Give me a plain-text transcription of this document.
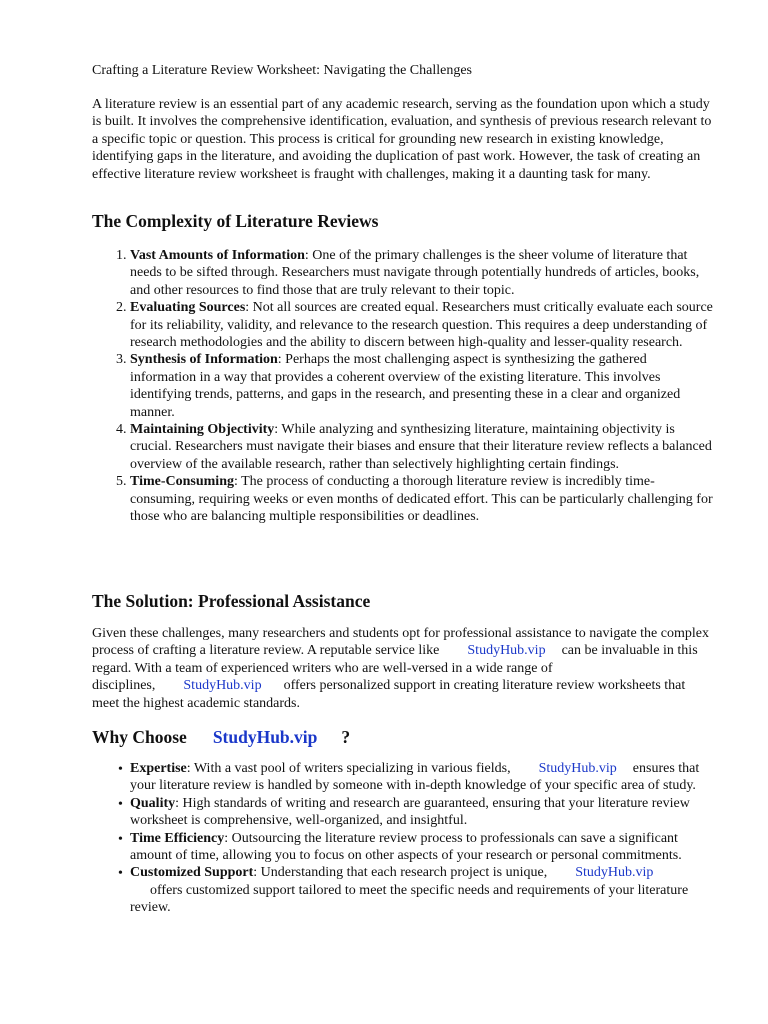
Crafting a Literature Review Worksheet: Navigating the Challenges

A literature review is an essential part of any academic research, serving as the foundation upon which a study is built. It involves the comprehensive identification, evaluation, and synthesis of previous research relevant to a specific topic or question. This process is critical for grounding new research in existing knowledge, identifying gaps in the literature, and avoiding the duplication of past work. However, the task of creating an effective literature review worksheet is fraught with challenges, making it a daunting task for many.

The Complexity of Literature Reviews
1. Vast Amounts of Information: One of the primary challenges is the sheer volume of literature that needs to be sifted through. Researchers must navigate through potentially hundreds of articles, books, and other resources to find those that are truly relevant to their topic.
2. Evaluating Sources: Not all sources are created equal. Researchers must critically evaluate each source for its reliability, validity, and relevance to the research question. This requires a deep understanding of research methodologies and the ability to discern between high-quality and lesser-quality research.
3. Synthesis of Information: Perhaps the most challenging aspect is synthesizing the gathered information in a way that provides a coherent overview of the existing literature. This involves identifying trends, patterns, and gaps in the research, and presenting these in a clear and organized manner.
4. Maintaining Objectivity: While analyzing and synthesizing literature, maintaining objectivity is crucial. Researchers must navigate their biases and ensure that their literature review reflects a balanced overview of the available research, rather than selectively highlighting certain findings.
5. Time-Consuming: The process of conducting a thorough literature review is incredibly time-consuming, requiring weeks or even months of dedicated effort. This can be particularly challenging for those who are balancing multiple responsibilities or deadlines.
The Solution: Professional Assistance

Given these challenges, many researchers and students opt for professional assistance to navigate the complex process of crafting a literature review. A reputable service like StudyHub.vip can be invaluable in this regard. With a team of experienced writers who are well-versed in a wide range of disciplines, StudyHub.vip offers personalized support in creating literature review worksheets that meet the highest academic standards.

Why Choose StudyHub.vip ?
• Expertise: With a vast pool of writers specializing in various fields, StudyHub.vip ensures that your literature review is handled by someone with in-depth knowledge of your specific area of study.
• Quality: High standards of writing and research are guaranteed, ensuring that your literature review worksheet is comprehensive, well-organized, and insightful.
• Time Efficiency: Outsourcing the literature review process to professionals can save a significant amount of time, allowing you to focus on other aspects of your research or personal commitments.
• Customized Support: Understanding that each research project is unique, StudyHub.vip
offers customized support tailored to meet the specific needs and requirements of your literature review.
